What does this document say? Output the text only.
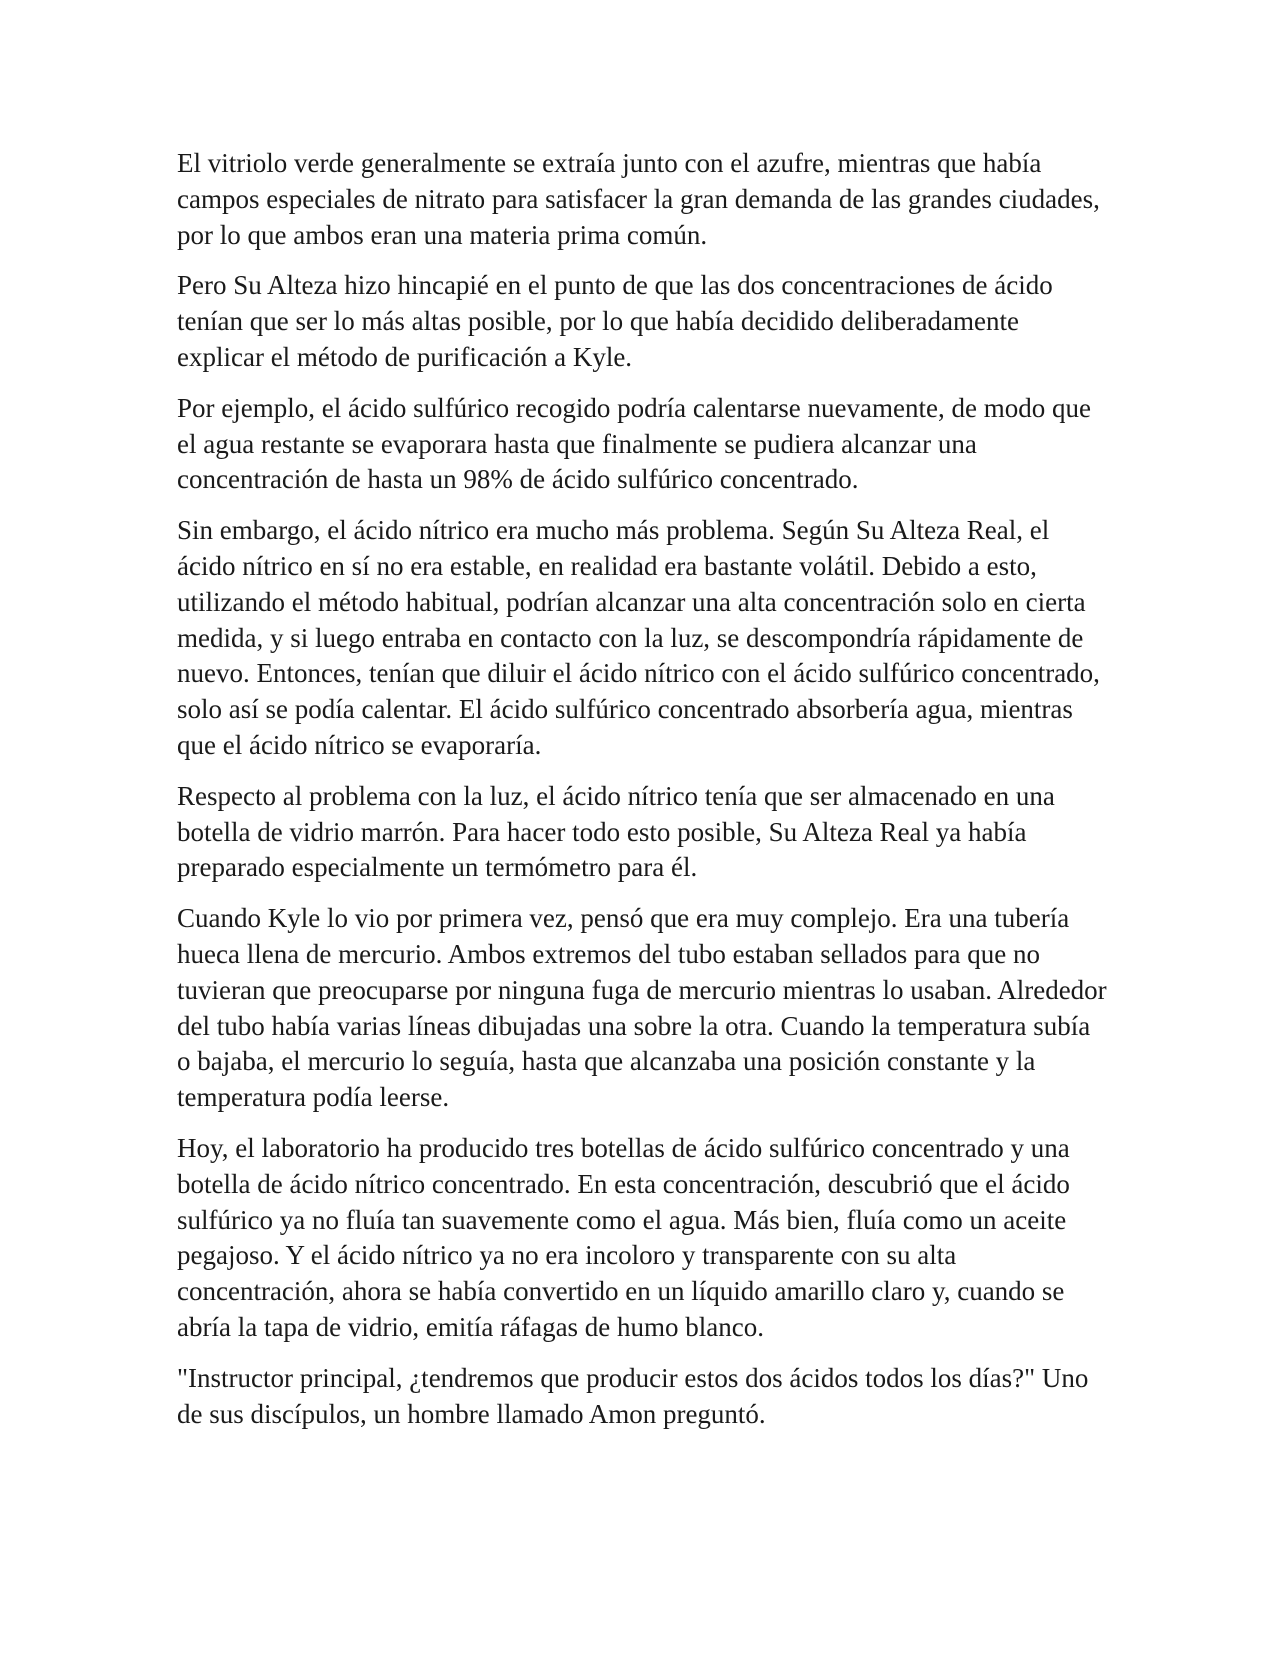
El vitriolo verde generalmente se extraía junto con el azufre, mientras que había campos especiales de nitrato para satisfacer la gran demanda de las grandes ciudades, por lo que ambos eran una materia prima común.

Pero Su Alteza hizo hincapié en el punto de que las dos concentraciones de ácido tenían que ser lo más altas posible, por lo que había decidido deliberadamente explicar el método de purificación a Kyle.

Por ejemplo, el ácido sulfúrico recogido podría calentarse nuevamente, de modo que el agua restante se evaporara hasta que finalmente se pudiera alcanzar una concentración de hasta un 98% de ácido sulfúrico concentrado.

Sin embargo, el ácido nítrico era mucho más problema. Según Su Alteza Real, el ácido nítrico en sí no era estable, en realidad era bastante volátil. Debido a esto, utilizando el método habitual, podrían alcanzar una alta concentración solo en cierta medida, y si luego entraba en contacto con la luz, se descompondría rápidamente de nuevo. Entonces, tenían que diluir el ácido nítrico con el ácido sulfúrico concentrado, solo así se podía calentar. El ácido sulfúrico concentrado absorbería agua, mientras que el ácido nítrico se evaporaría.

Respecto al problema con la luz, el ácido nítrico tenía que ser almacenado en una botella de vidrio marrón. Para hacer todo esto posible, Su Alteza Real ya había preparado especialmente un termómetro para él.

Cuando Kyle lo vio por primera vez, pensó que era muy complejo. Era una tubería hueca llena de mercurio. Ambos extremos del tubo estaban sellados para que no tuvieran que preocuparse por ninguna fuga de mercurio mientras lo usaban. Alrededor del tubo había varias líneas dibujadas una sobre la otra. Cuando la temperatura subía o bajaba, el mercurio lo seguía, hasta que alcanzaba una posición constante y la temperatura podía leerse.

Hoy, el laboratorio ha producido tres botellas de ácido sulfúrico concentrado y una botella de ácido nítrico concentrado. En esta concentración, descubrió que el ácido sulfúrico ya no fluía tan suavemente como el agua. Más bien, fluía como un aceite pegajoso. Y el ácido nítrico ya no era incoloro y transparente con su alta concentración, ahora se había convertido en un líquido amarillo claro y, cuando se abría la tapa de vidrio, emitía ráfagas de humo blanco.

"Instructor principal, ¿tendremos que producir estos dos ácidos todos los días?" Uno de sus discípulos, un hombre llamado Amon preguntó.
